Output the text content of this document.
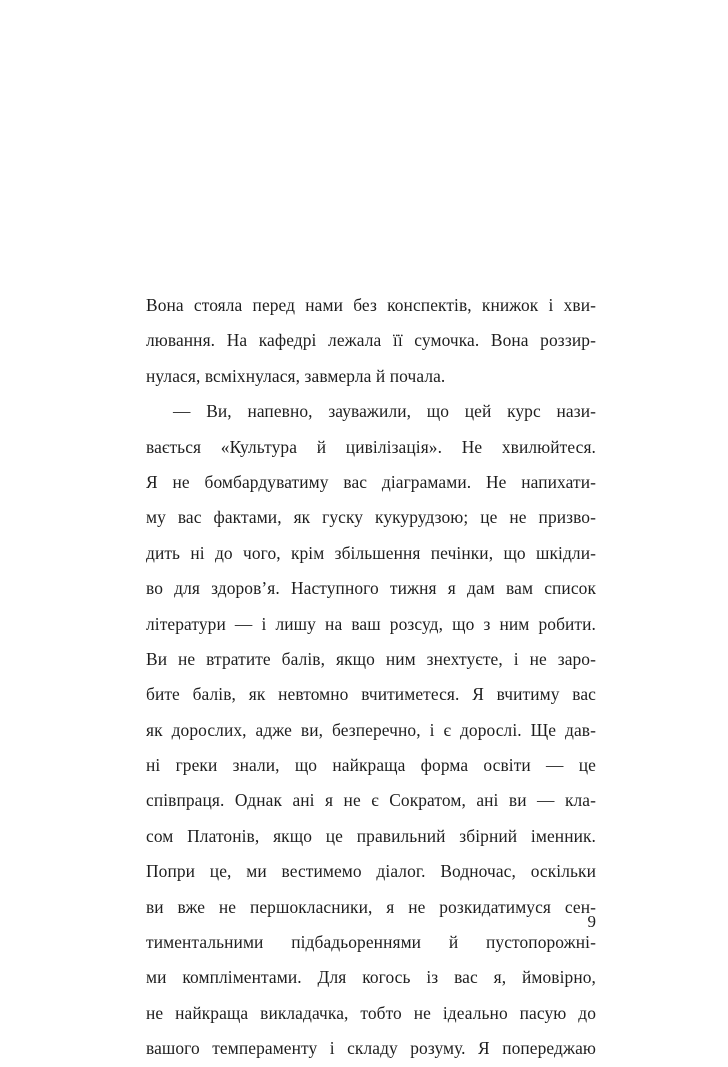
Вона стояла перед нами без конспектів, книжок і хви-
лювання. На кафедрі лежала її сумочка. Вона роззир-
нулася, всміхнулася, завмерла й почала.
— Ви, напевно, зауважили, що цей курс нази-
вається «Культура й цивілізація». Не хвилюйтеся.
Я не бомбардуватиму вас діаграмами. Не напихати-
му вас фактами, як гуску кукурудзою; це не призво-
дить ні до чого, крім збільшення печінки, що шкідли-
во для здоров’я. Наступного тижня я дам вам список
літератури — і лишу на ваш розсуд, що з ним робити.
Ви не втратите балів, якщо ним знехтуєте, і не заро-
бите балів, як невтомно вчитиметеся. Я вчитиму вас
як дорослих, адже ви, безперечно, і є дорослі. Ще дав-
ні греки знали, що найкраща форма освіти — це
співпраця. Однак ані я не є Сократом, ані ви — кла-
сом Платонів, якщо це правильний збірний іменник.
Попри це, ми вестимемо діалог. Водночас, оскільки
ви вже не першокласники, я не розкидатимуся сен-
тиментальними підбадьореннями й пустопорожні-
ми компліментами. Для когось із вас я, ймовірно,
не найкраща викладачка, тобто не ідеально пасую до
вашого темпераменту і складу розуму. Я попереджаю
9
